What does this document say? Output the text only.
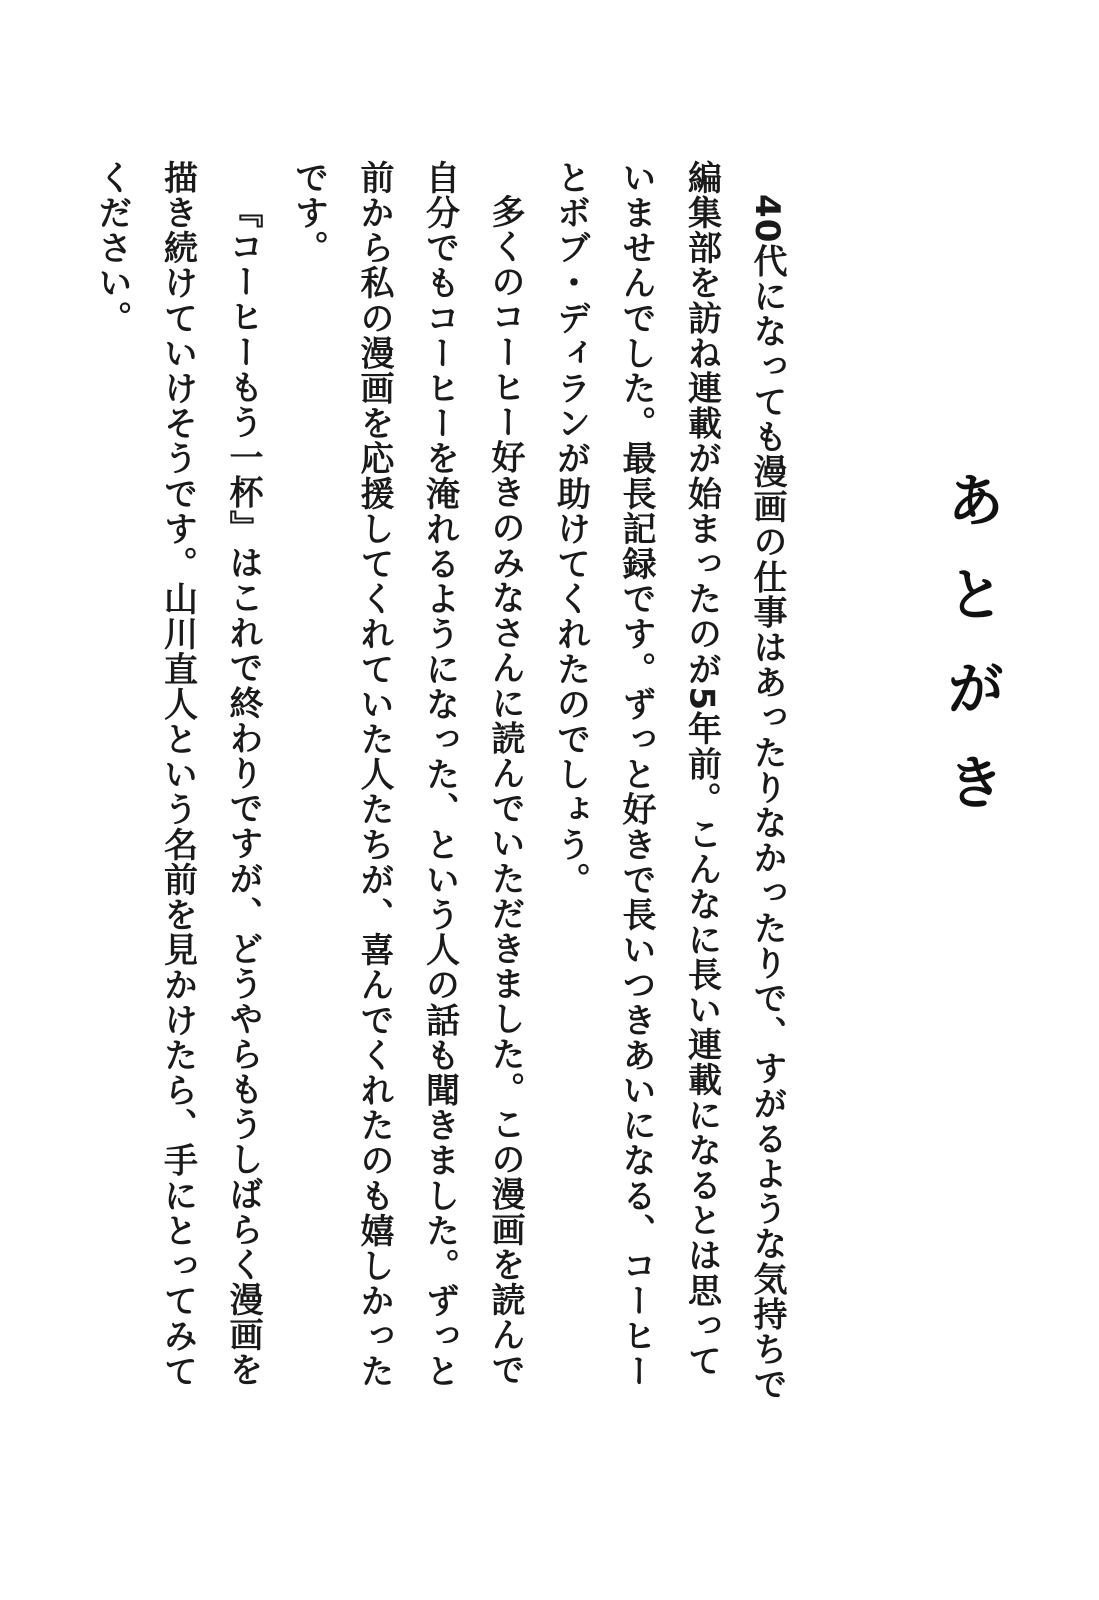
あとがき

40代になっても漫画の仕事はあったりなかったりで、すがるような気持ちで編集部を訪ね連載が始まったのが5年前。こんなに長い連載になるとは思っていませんでした。最長記録です。ずっと好きで長いつきあいになる、コーヒーとボブ・ディランが助けてくれたのでしょう。

多くのコーヒー好きのみなさんに読んでいただきました。この漫画を読んで自分でもコーヒーを淹れるようになった、という人の話も聞きました。ずっと前から私の漫画を応援してくれていた人たちが、喜んでくれたのも嬉しかったです。

『コーヒーもう一杯』はこれで終わりですが、どうやらもうしばらく漫画を描き続けていけそうです。山川直人という名前を見かけたら、手にとってみてください。
